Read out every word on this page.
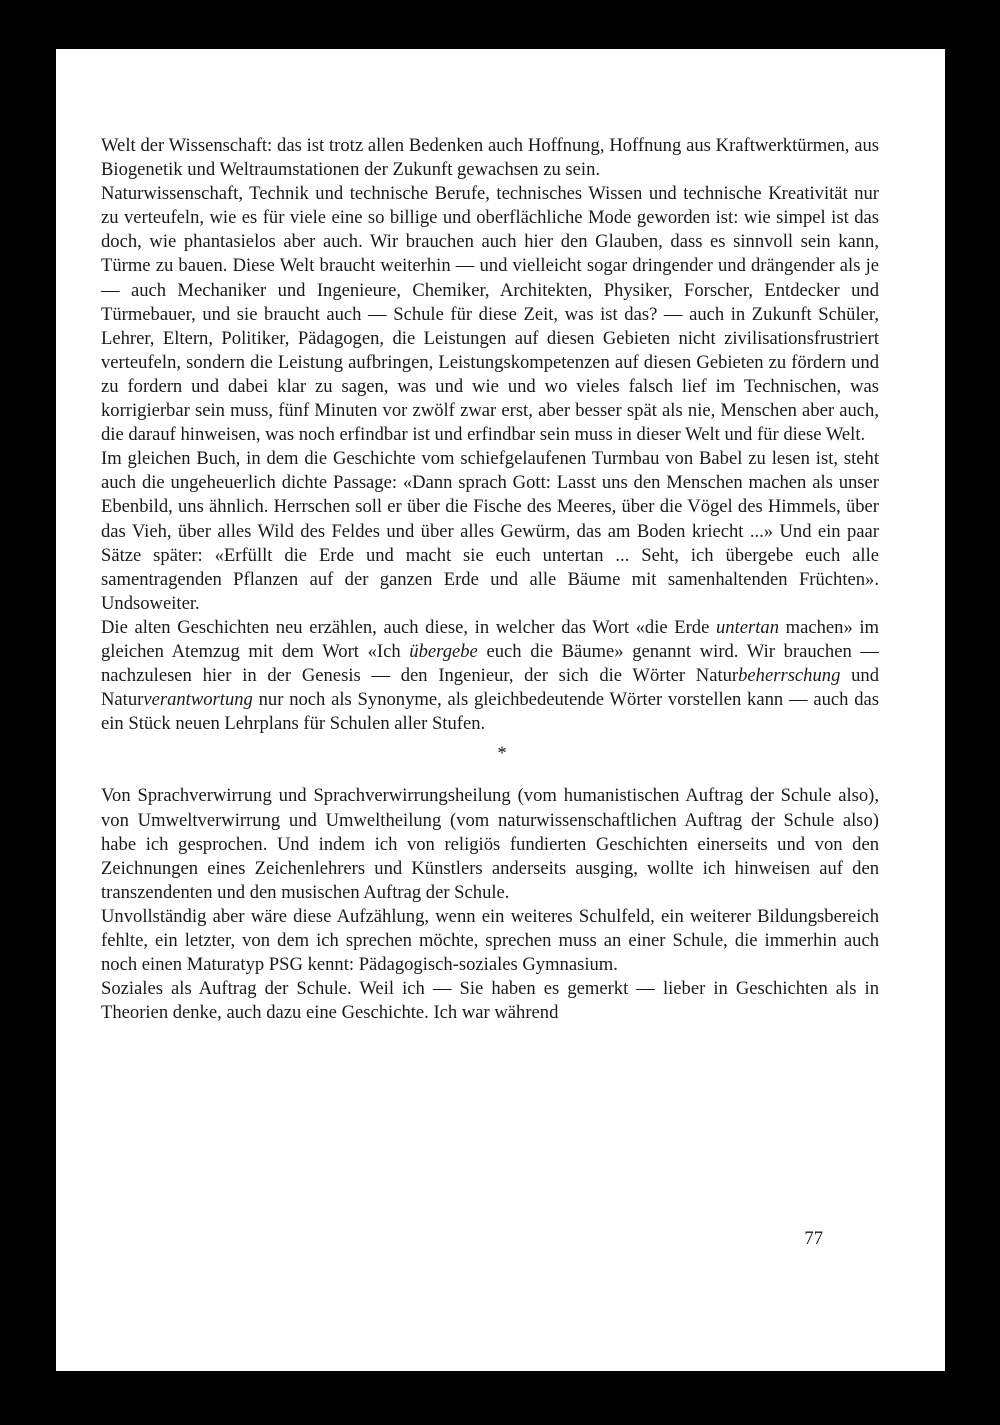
Welt der Wissenschaft: das ist trotz allen Bedenken auch Hoffnung, Hoffnung aus Kraftwerktürmen, aus Biogenetik und Weltraumstationen der Zukunft gewachsen zu sein.

Naturwissenschaft, Technik und technische Berufe, technisches Wissen und technische Kreativität nur zu verteufeln, wie es für viele eine so billige und oberflächliche Mode geworden ist: wie simpel ist das doch, wie phantasielos aber auch. Wir brauchen auch hier den Glauben, dass es sinnvoll sein kann, Türme zu bauen. Diese Welt braucht weiterhin — und vielleicht sogar dringender und drängender als je — auch Mechaniker und Ingenieure, Chemiker, Architekten, Physiker, Forscher, Entdecker und Türmebauer, und sie braucht auch — Schule für diese Zeit, was ist das? — auch in Zukunft Schüler, Lehrer, Eltern, Politiker, Pädagogen, die Leistungen auf diesen Gebieten nicht zivilisationsfrustriert verteufeln, sondern die Leistung aufbringen, Leistungskompetenzen auf diesen Gebieten zu fördern und zu fordern und dabei klar zu sagen, was und wie und wo vieles falsch lief im Technischen, was korrigierbar sein muss, fünf Minuten vor zwölf zwar erst, aber besser spät als nie, Menschen aber auch, die darauf hinweisen, was noch erfindbar ist und erfindbar sein muss in dieser Welt und für diese Welt.

Im gleichen Buch, in dem die Geschichte vom schiefgelaufenen Turmbau von Babel zu lesen ist, steht auch die ungeheuerlich dichte Passage: «Dann sprach Gott: Lasst uns den Menschen machen als unser Ebenbild, uns ähnlich. Herrschen soll er über die Fische des Meeres, über die Vögel des Himmels, über das Vieh, über alles Wild des Feldes und über alles Gewürm, das am Boden kriecht ...» Und ein paar Sätze später: «Erfüllt die Erde und macht sie euch untertan ... Seht, ich übergebe euch alle samentragenden Pflanzen auf der ganzen Erde und alle Bäume mit samenhaltenden Früchten». Undsoweiter.

Die alten Geschichten neu erzählen, auch diese, in welcher das Wort «die Erde untertan machen» im gleichen Atemzug mit dem Wort «Ich übergebe euch die Bäume» genannt wird. Wir brauchen — nachzulesen hier in der Genesis — den Ingenieur, der sich die Wörter Naturbeherrschung und Naturverantwortung nur noch als Synonyme, als gleichbedeutende Wörter vorstellen kann — auch das ein Stück neuen Lehrplans für Schulen aller Stufen.

*

Von Sprachverwirrung und Sprachverwirrungsheilung (vom humanistischen Auftrag der Schule also), von Umweltverwirrung und Umweltheilung (vom naturwissenschaftlichen Auftrag der Schule also) habe ich gesprochen. Und indem ich von religiös fundierten Geschichten einerseits und von den Zeichnungen eines Zeichenlehrers und Künstlers anderseits ausging, wollte ich hinweisen auf den transzendenten und den musischen Auftrag der Schule.

Unvollständig aber wäre diese Aufzählung, wenn ein weiteres Schulfeld, ein weiterer Bildungsbereich fehlte, ein letzter, von dem ich sprechen möchte, sprechen muss an einer Schule, die immerhin auch noch einen Maturatyp PSG kennt: Pädagogisch-soziales Gymnasium.

Soziales als Auftrag der Schule. Weil ich — Sie haben es gemerkt — lieber in Geschichten als in Theorien denke, auch dazu eine Geschichte. Ich war während

77
